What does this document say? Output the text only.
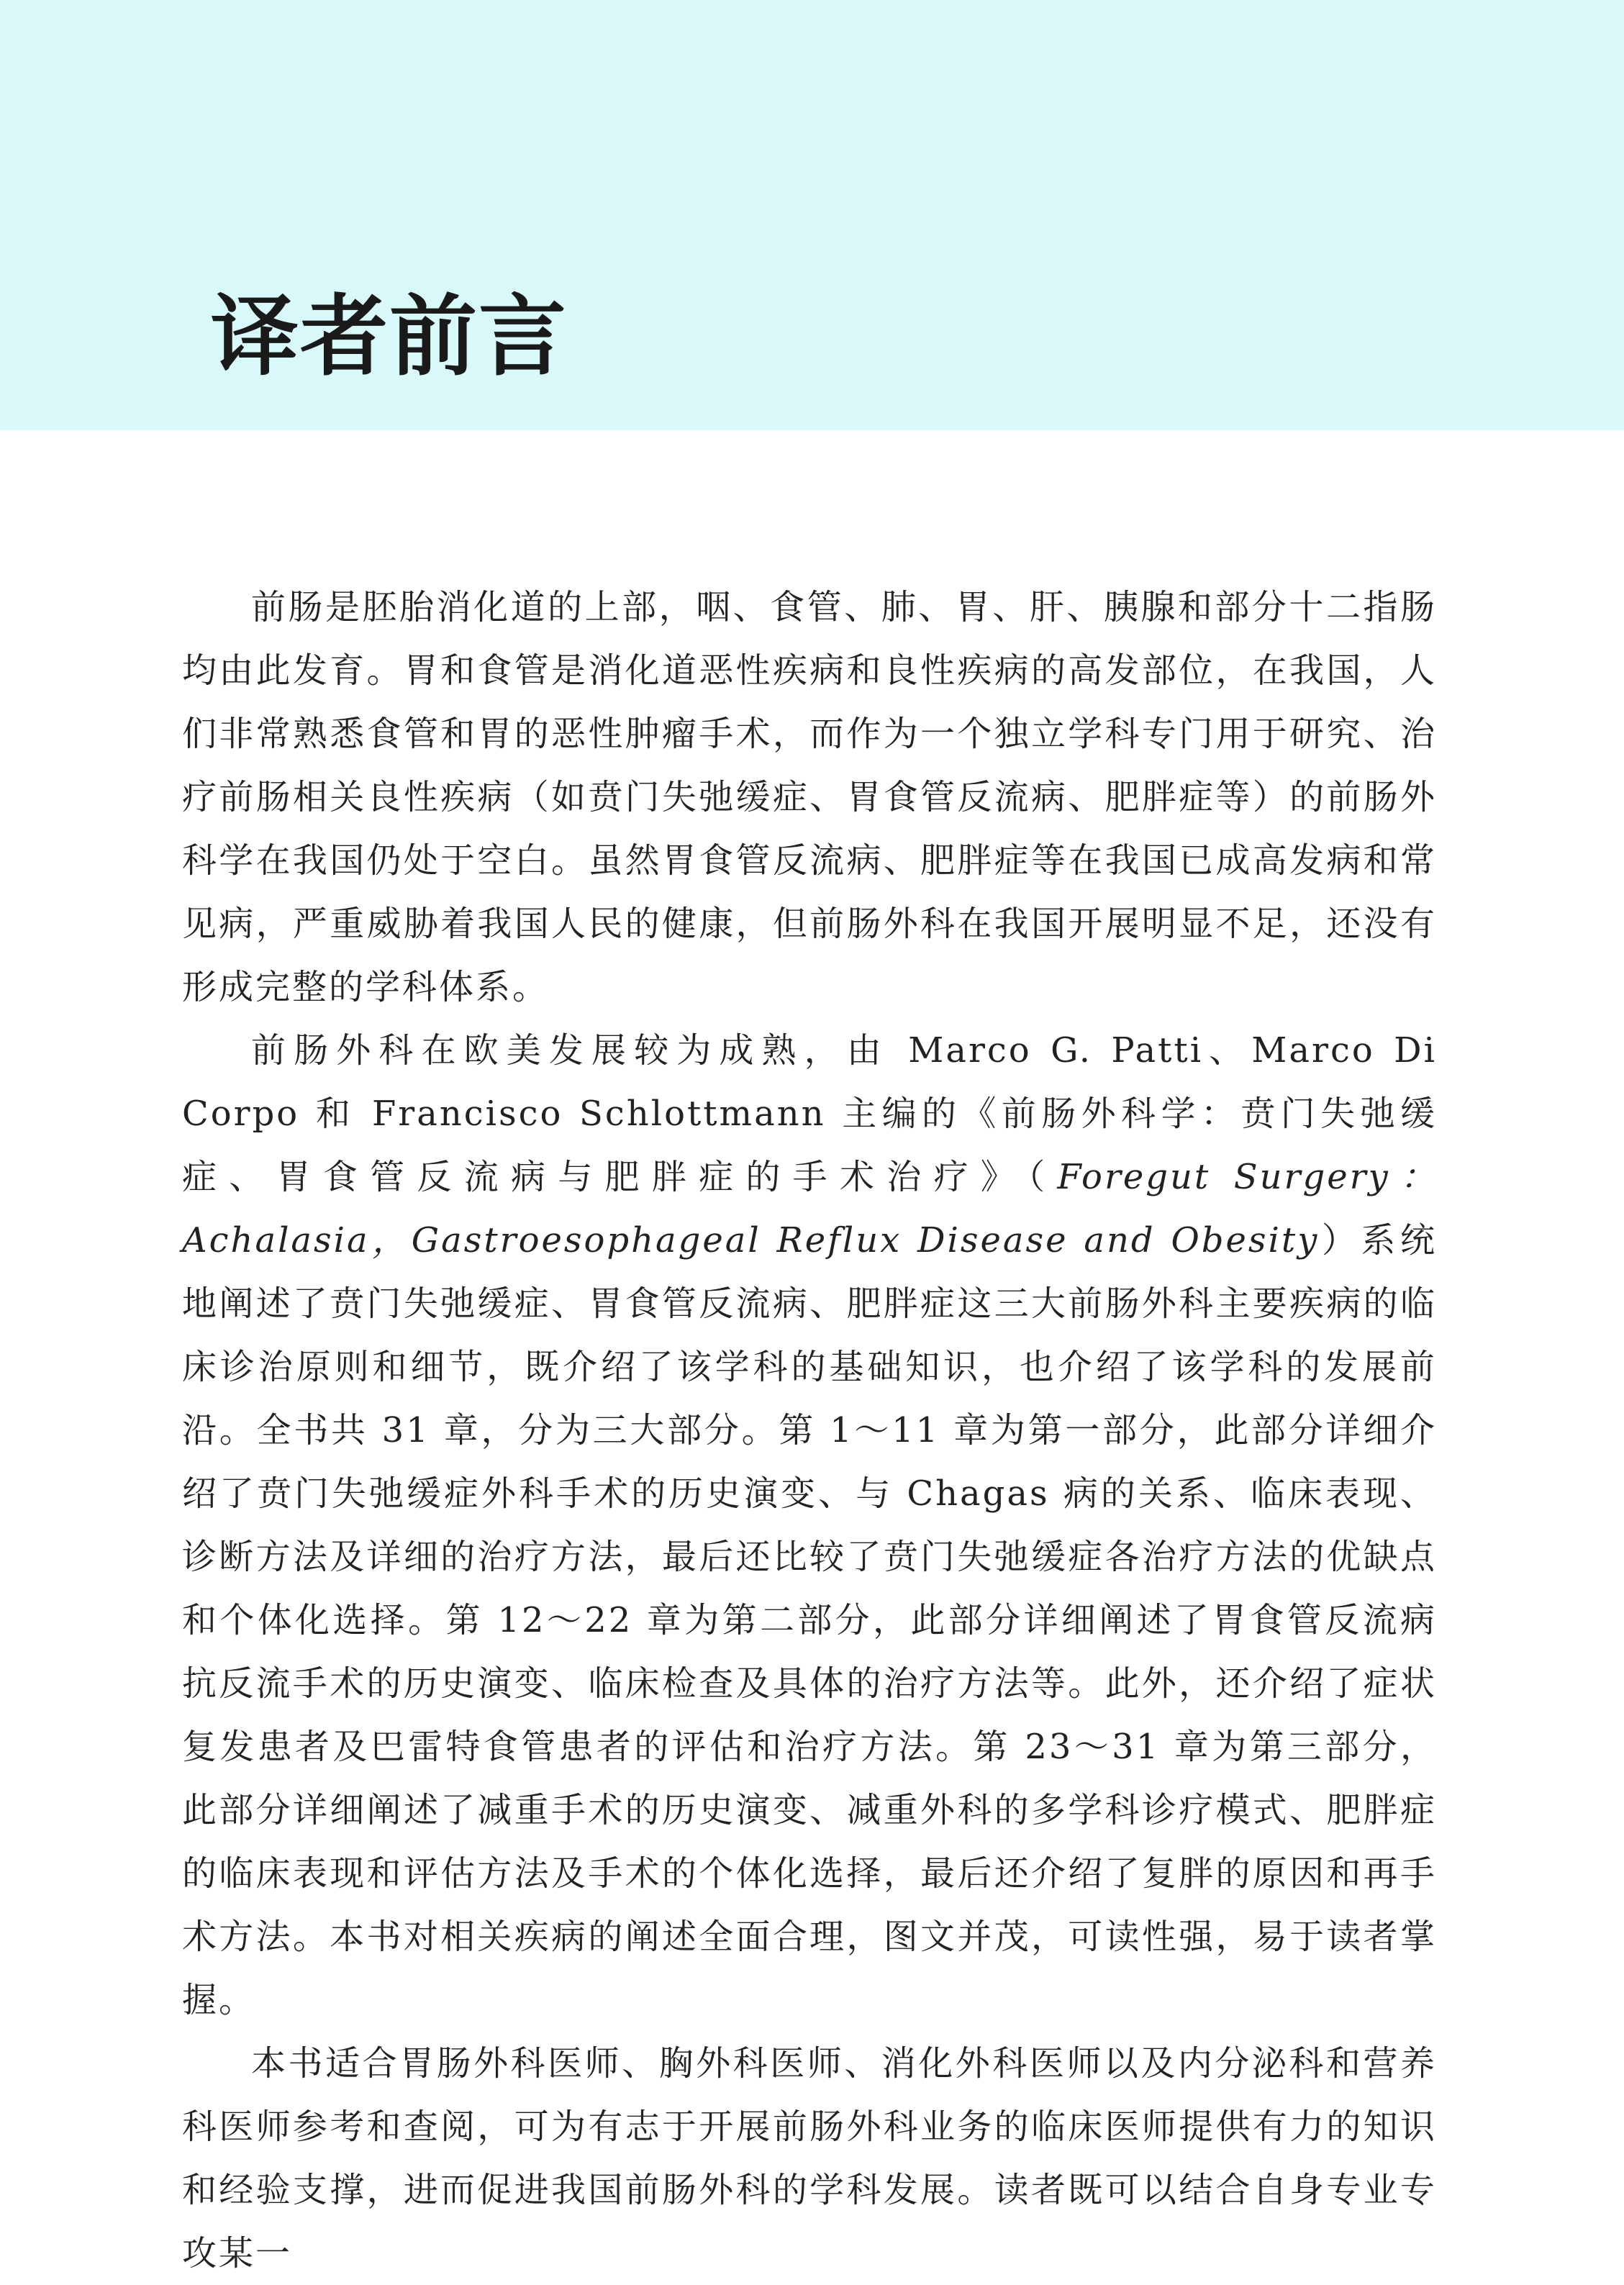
译者前言

前肠是胚胎消化道的上部，咽、食管、肺、胃、肝、胰腺和部分十二指肠均由此发育。胃和食管是消化道恶性疾病和良性疾病的高发部位，在我国，人们非常熟悉食管和胃的恶性肿瘤手术，而作为一个独立学科专门用于研究、治疗前肠相关良性疾病（如贲门失弛缓症、胃食管反流病、肥胖症等）的前肠外科学在我国仍处于空白。虽然胃食管反流病、肥胖症等在我国已成高发病和常见病，严重威胁着我国人民的健康，但前肠外科在我国开展明显不足，还没有形成完整的学科体系。

前肠外科在欧美发展较为成熟，由 Marco G. Patti、Marco Di Corpo 和 Francisco Schlottmann 主编的《前肠外科学：贲门失弛缓症、胃食管反流病与肥胖症的手术治疗》（Foregut Surgery：Achalasia，Gastroesophageal Reflux Disease and Obesity）系统地阐述了贲门失弛缓症、胃食管反流病、肥胖症这三大前肠外科主要疾病的临床诊治原则和细节，既介绍了该学科的基础知识，也介绍了该学科的发展前沿。全书共 31 章，分为三大部分。第 1～11 章为第一部分，此部分详细介绍了贲门失弛缓症外科手术的历史演变、与 Chagas 病的关系、临床表现、诊断方法及详细的治疗方法，最后还比较了贲门失弛缓症各治疗方法的优缺点和个体化选择。第 12～22 章为第二部分，此部分详细阐述了胃食管反流病抗反流手术的历史演变、临床检查及具体的治疗方法等。此外，还介绍了症状复发患者及巴雷特食管患者的评估和治疗方法。第 23～31 章为第三部分，此部分详细阐述了减重手术的历史演变、减重外科的多学科诊疗模式、肥胖症的临床表现和评估方法及手术的个体化选择，最后还介绍了复胖的原因和再手术方法。本书对相关疾病的阐述全面合理，图文并茂，可读性强，易于读者掌握。

本书适合胃肠外科医师、胸外科医师、消化外科医师以及内分泌科和营养科医师参考和查阅，可为有志于开展前肠外科业务的临床医师提供有力的知识和经验支撑，进而促进我国前肠外科的学科发展。读者既可以结合自身专业专攻某一
